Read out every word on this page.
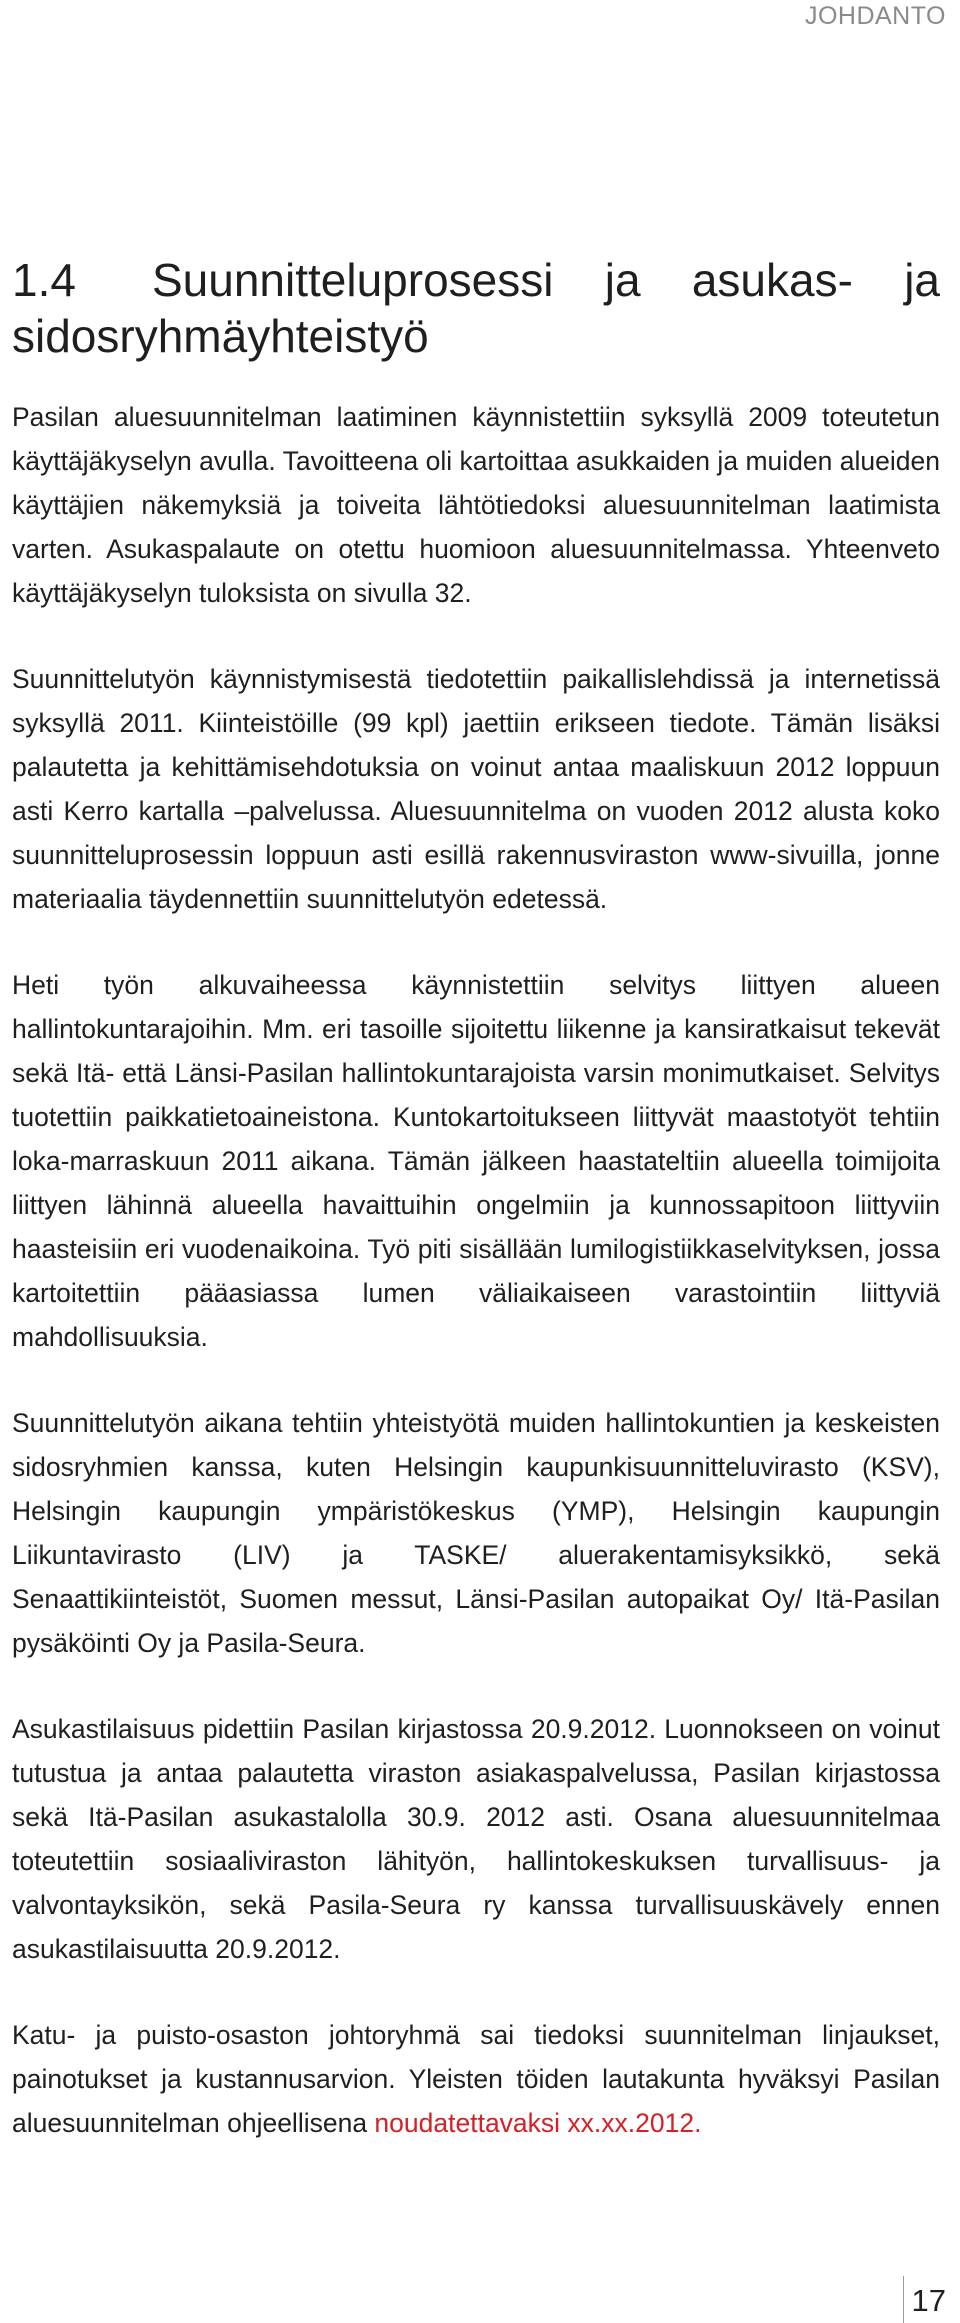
JOHDANTO
1.4 Suunnitteluprosessi ja asukas- ja sidosryhmäyhteistyö

Pasilan aluesuunnitelman laatiminen käynnistettiin syksyllä 2009 toteutetun käyttäjäkyselyn avulla. Tavoitteena oli kartoittaa asukkaiden ja muiden alueiden käyttäjien näkemyksiä ja toiveita lähtötiedoksi aluesuunnitelman laatimista varten. Asukaspalaute on otettu huomioon aluesuunnitelmassa. Yhteenveto käyttäjäkyselyn tuloksista on sivulla 32.

Suunnittelutyön käynnistymisestä tiedotettiin paikallislehdissä ja internetissä syksyllä 2011. Kiinteistöille (99 kpl) jaettiin erikseen tiedote. Tämän lisäksi palautetta ja kehittämisehdotuksia on voinut antaa maaliskuun 2012 loppuun asti Kerro kartalla –palvelussa. Aluesuunnitelma on vuoden 2012 alusta koko suunnitteluprosessin loppuun asti esillä rakennusviraston www-sivuilla, jonne materiaalia täydennettiin suunnittelutyön edetessä.

Heti työn alkuvaiheessa käynnistettiin selvitys liittyen alueen hallintokuntarajoihin. Mm. eri tasoille sijoitettu liikenne ja kansiratkaisut tekevät sekä Itä- että Länsi-Pasilan hallintokuntarajoista varsin monimutkaiset. Selvitys tuotettiin paikkatietoaineistona. Kuntokartoitukseen liittyvät maastotyöt tehtiin loka-marraskuun 2011 aikana. Tämän jälkeen haastateltiin alueella toimijoita liittyen lähinnä alueella havaittuihin ongelmiin ja kunnossapitoon liittyviin haasteisiin eri vuodenaikoina. Työ piti sisällään lumilogistiikkaselvityksen, jossa kartoitettiin pääasiassa lumen väliaikaiseen varastointiin liittyviä mahdollisuuksia.

Suunnittelutyön aikana tehtiin yhteistyötä muiden hallintokuntien ja keskeisten sidosryhmien kanssa, kuten Helsingin kaupunkisuunnitteluvirasto (KSV), Helsingin kaupungin ympäristökeskus (YMP), Helsingin kaupungin Liikuntavirasto (LIV) ja TASKE/ aluerakentamisyksikkö, sekä Senaattikiinteistöt, Suomen messut, Länsi-Pasilan autopaikat Oy/ Itä-Pasilan pysäköinti Oy ja Pasila-Seura.

Asukastilaisuus pidettiin Pasilan kirjastossa 20.9.2012. Luonnokseen on voinut tutustua ja antaa palautetta viraston asiakaspalvelussa, Pasilan kirjastossa sekä Itä-Pasilan asukastalolla 30.9. 2012 asti. Osana aluesuunnitelmaa toteutettiin sosiaaliviraston lähityön, hallintokeskuksen turvallisuus- ja valvontayksikön, sekä Pasila-Seura ry kanssa turvallisuuskävely ennen asukastilaisuutta 20.9.2012.

Katu- ja puisto-osaston johtoryhmä sai tiedoksi suunnitelman linjaukset, painotukset ja kustannusarvion. Yleisten töiden lautakunta hyväksyi Pasilan aluesuunnitelman ohjeellisena noudatettavaksi xx.xx.2012.

17
